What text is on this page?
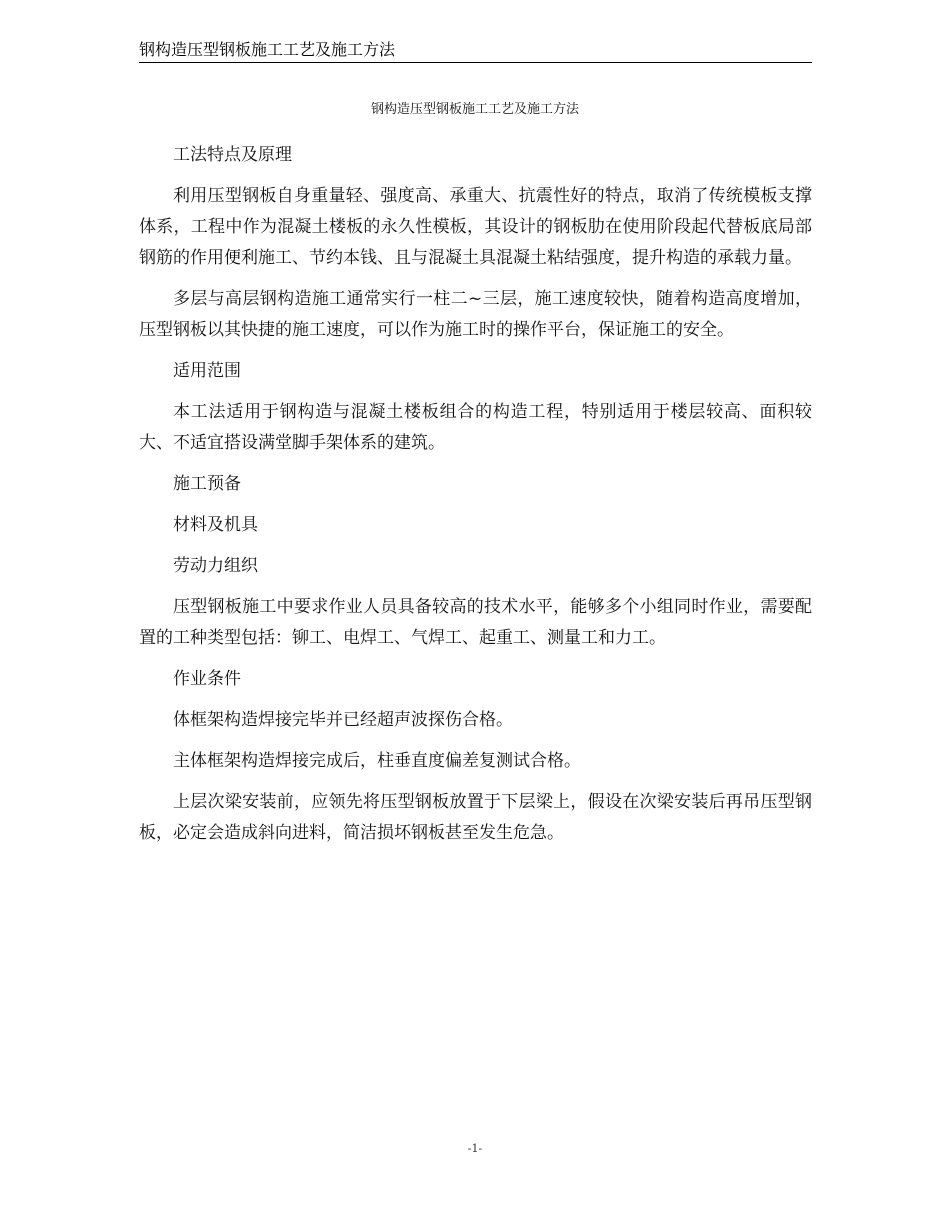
钢构造压型钢板施工工艺及施工方法
钢构造压型钢板施工工艺及施工方法

工法特点及原理

利用压型钢板自身重量轻、强度高、承重大、抗震性好的特点，取消了传统模板支撑体系，工程中作为混凝土楼板的永久性模板，其设计的钢板肋在使用阶段起代替板底局部钢筋的作用便利施工、节约本钱、且与混凝土具混凝土粘结强度，提升构造的承载力量。

多层与高层钢构造施工通常实行一柱二~三层，施工速度较快，随着构造高度增加，压型钢板以其快捷的施工速度，可以作为施工时的操作平台，保证施工的安全。

适用范围

本工法适用于钢构造与混凝土楼板组合的构造工程，特别适用于楼层较高、面积较大、不适宜搭设满堂脚手架体系的建筑。

施工预备

材料及机具

劳动力组织

压型钢板施工中要求作业人员具备较高的技术水平，能够多个小组同时作业，需要配置的工种类型包括：铆工、电焊工、气焊工、起重工、测量工和力工。

作业条件

体框架构造焊接完毕并已经超声波探伤合格。

主体框架构造焊接完成后，柱垂直度偏差复测试合格。

上层次梁安装前，应领先将压型钢板放置于下层梁上，假设在次梁安装后再吊压型钢板，必定会造成斜向进料，简洁损坏钢板甚至发生危急。

-1-
